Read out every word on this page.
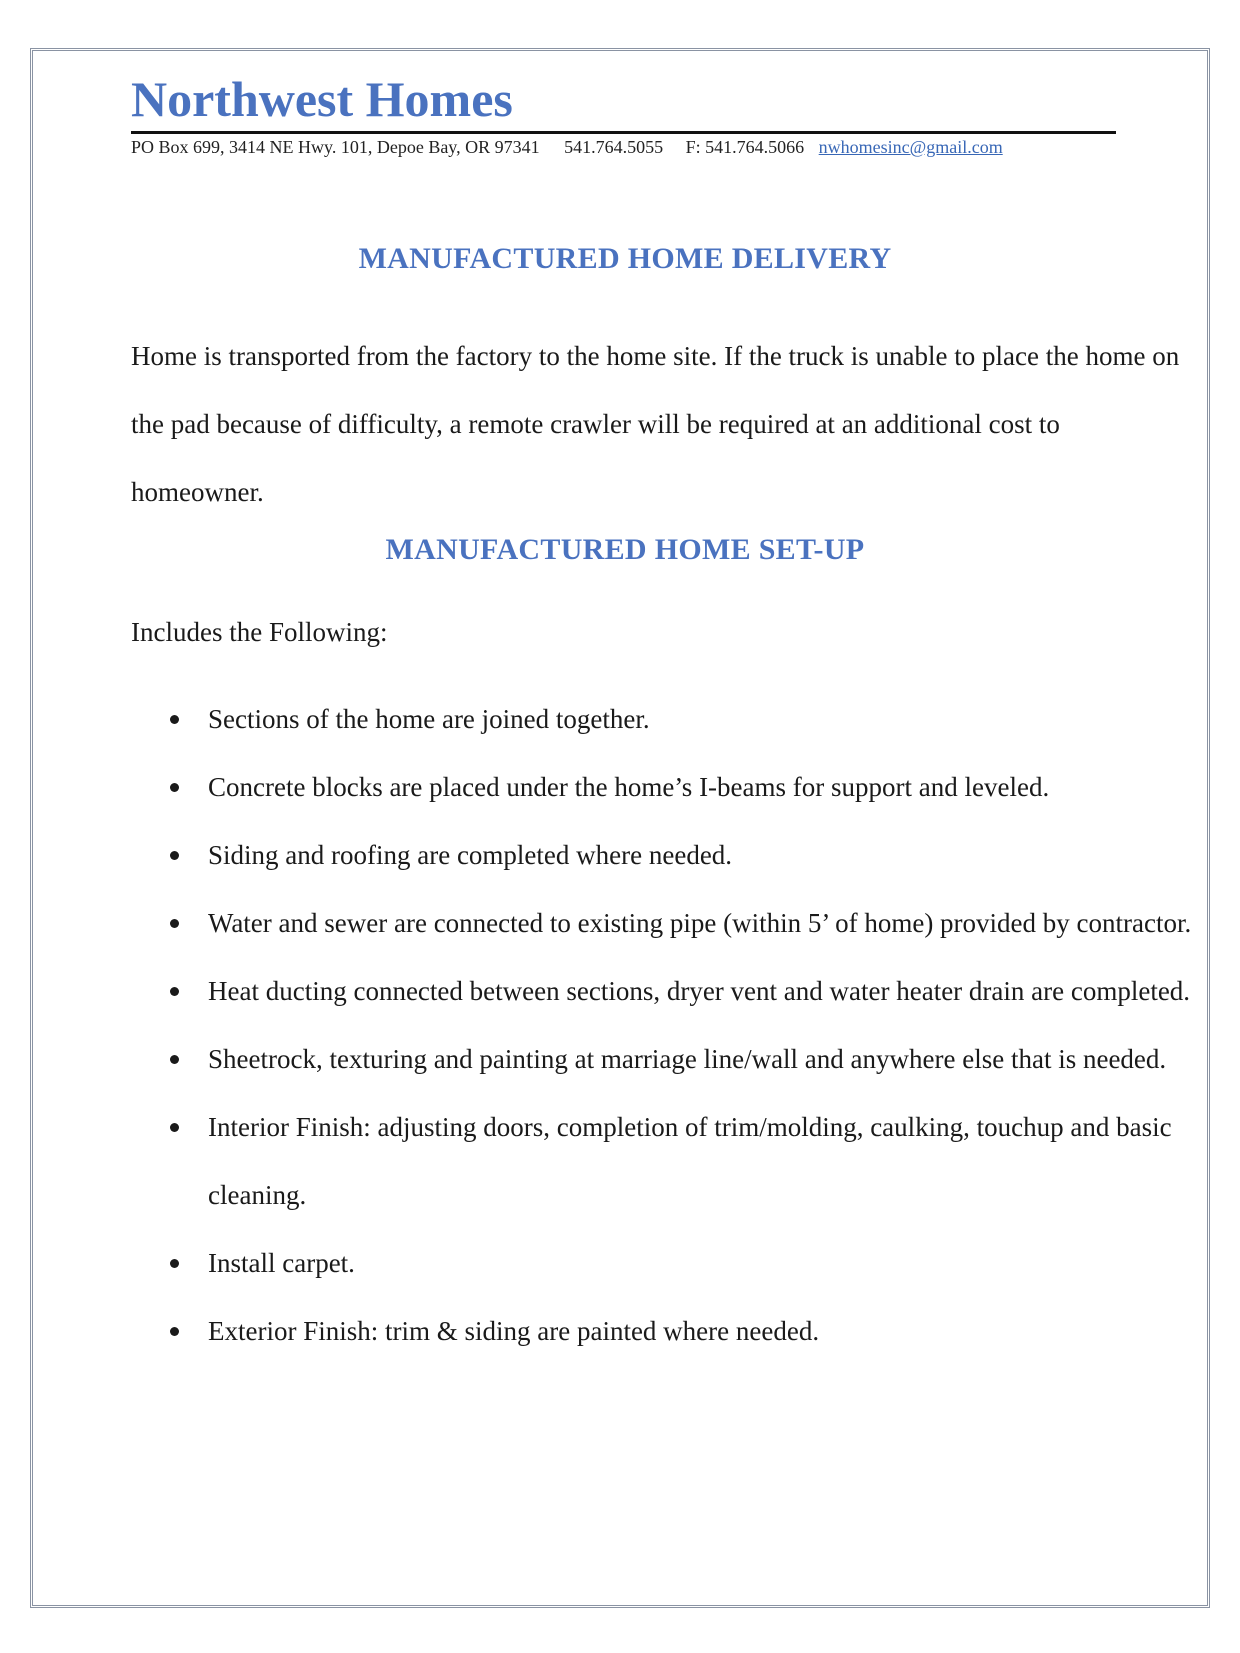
Northwest Homes
PO Box 699, 3414 NE Hwy. 101, Depoe Bay, OR 97341 541.764.5055 F: 541.764.5066 nwhomesinc@gmail.com
MANUFACTURED HOME DELIVERY
Home is transported from the factory to the home site. If the truck is unable to place the home on the pad because of difficulty, a remote crawler will be required at an additional cost to homeowner.
MANUFACTURED HOME SET-UP
Includes the Following:
Sections of the home are joined together.
Concrete blocks are placed under the home’s I-beams for support and leveled.
Siding and roofing are completed where needed.
Water and sewer are connected to existing pipe (within 5’ of home) provided by contractor.
Heat ducting connected between sections, dryer vent and water heater drain are completed.
Sheetrock, texturing and painting at marriage line/wall and anywhere else that is needed.
Interior Finish: adjusting doors, completion of trim/molding, caulking, touchup and basic cleaning.
Install carpet.
Exterior Finish: trim & siding are painted where needed.
